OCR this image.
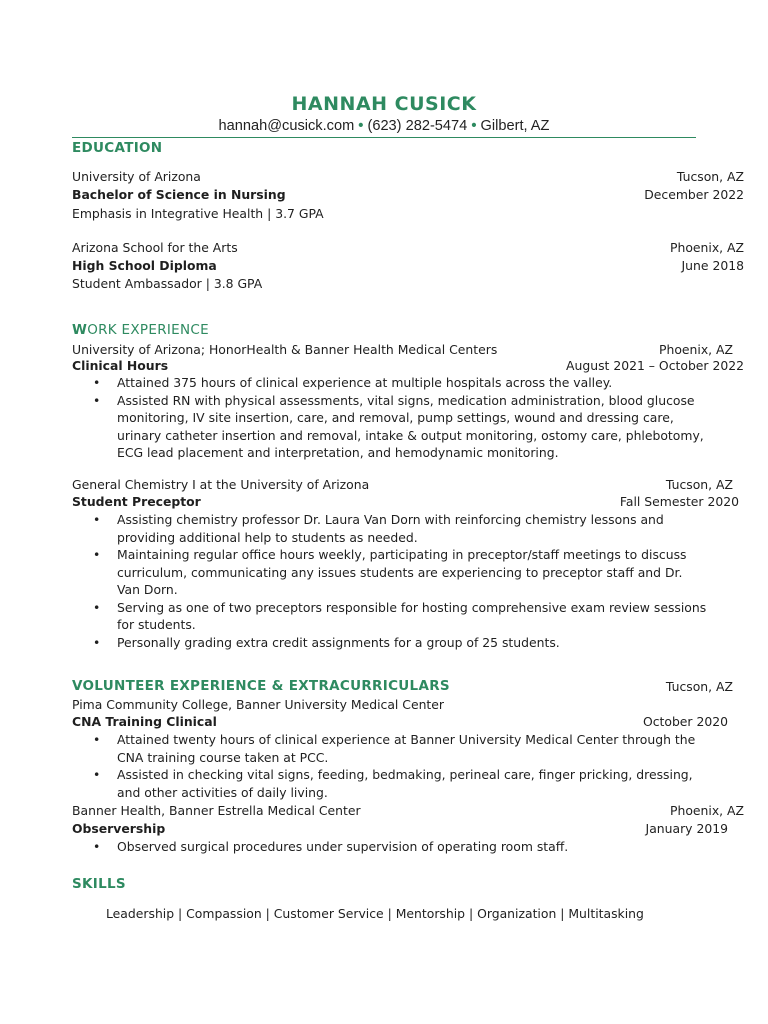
HANNAH CUSICK
hannah@cusick.com • (623) 282-5474 • Gilbert, AZ
EDUCATION
University of Arizona	Tucson, AZ
Bachelor of Science in Nursing	December 2022
Emphasis in Integrative Health | 3.7 GPA
Arizona School for the Arts	Phoenix, AZ
High School Diploma	June 2018
Student Ambassador | 3.8 GPA
WORK EXPERIENCE
University of Arizona; HonorHealth & Banner Health Medical Centers	Phoenix, AZ
Clinical Hours	August 2021 – October 2022
• Attained 375 hours of clinical experience at multiple hospitals across the valley.
• Assisted RN with physical assessments, vital signs, medication administration, blood glucose monitoring, IV site insertion, care, and removal, pump settings, wound and dressing care, urinary catheter insertion and removal, intake & output monitoring, ostomy care, phlebotomy, ECG lead placement and interpretation, and hemodynamic monitoring.
General Chemistry I at the University of Arizona	Tucson, AZ
Student Preceptor	Fall Semester 2020
• Assisting chemistry professor Dr. Laura Van Dorn with reinforcing chemistry lessons and providing additional help to students as needed.
• Maintaining regular office hours weekly, participating in preceptor/staff meetings to discuss curriculum, communicating any issues students are experiencing to preceptor staff and Dr. Van Dorn.
• Serving as one of two preceptors responsible for hosting comprehensive exam review sessions for students.
• Personally grading extra credit assignments for a group of 25 students.
VOLUNTEER EXPERIENCE & EXTRACURRICULARS	Tucson, AZ
Pima Community College, Banner University Medical Center
CNA Training Clinical	October 2020
• Attained twenty hours of clinical experience at Banner University Medical Center through the CNA training course taken at PCC.
• Assisted in checking vital signs, feeding, bedmaking, perineal care, finger pricking, dressing, and other activities of daily living.
Banner Health, Banner Estrella Medical Center	Phoenix, AZ
Observership	January 2019
• Observed surgical procedures under supervision of operating room staff.
SKILLS
Leadership | Compassion | Customer Service | Mentorship | Organization | Multitasking
